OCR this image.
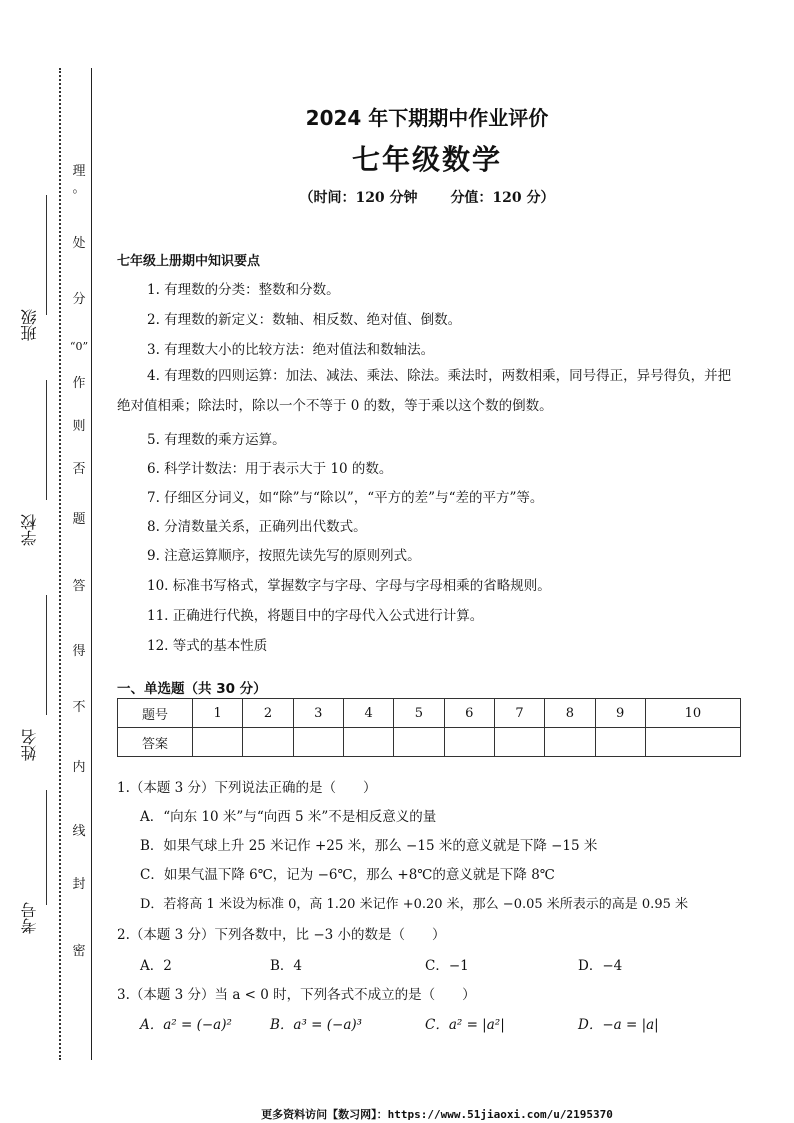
理
。
处
分
“0”
作
则
否
题
答
得
不
内
线
封
密
班级
学校
姓名
考号
2024 年下期期中作业评价
七年级数学
（时间：120 分钟 分值：120 分）
七年级上册期中知识要点
1. 有理数的分类：整数和分数。
2. 有理数的新定义：数轴、相反数、绝对值、倒数。
3. 有理数大小的比较方法：绝对值法和数轴法。
4. 有理数的四则运算：加法、减法、乘法、除法。乘法时，两数相乘，同号得正，异号得负，并把绝对值相乘；除法时，除以一个不等于 0 的数，等于乘以这个数的倒数。
5. 有理数的乘方运算。
6. 科学计数法：用于表示大于 10 的数。
7. 仔细区分词义，如“除”与“除以”，“平方的差”与“差的平方”等。
8. 分清数量关系，正确列出代数式。
9. 注意运算顺序，按照先读先写的原则列式。
10. 标准书写格式，掌握数字与字母、字母与字母相乘的省略规则。
11. 正确进行代换，将题目中的字母代入公式进行计算。
12. 等式的基本性质
一、单选题（共 30 分）
题号	1	2	3	4	5	6	7	8	9	10
答案										
1.（本题 3 分）下列说法正确的是（　　）
A．“向东 10 米”与“向西 5 米”不是相反意义的量
B．如果气球上升 25 米记作 +25 米，那么 −15 米的意义就是下降 −15 米
C．如果气温下降 6℃，记为 −6℃，那么 +8℃的意义就是下降 8℃
D．若将高 1 米设为标准 0，高 1.20 米记作 +0.20 米，那么 −0.05 米所表示的高是 0.95 米
2.（本题 3 分）下列各数中，比 −3 小的数是（　　）
A．2	B．4	C．−1	D．−4
3.（本题 3 分）当 a < 0 时，下列各式不成立的是（　　）
A．a² = (−a)²	B．a³ = (−a)³	C．a² = |a²|	D．−a = |a|
更多资料访问【数习网】：https://www.51jiaoxi.com/u/2195370
